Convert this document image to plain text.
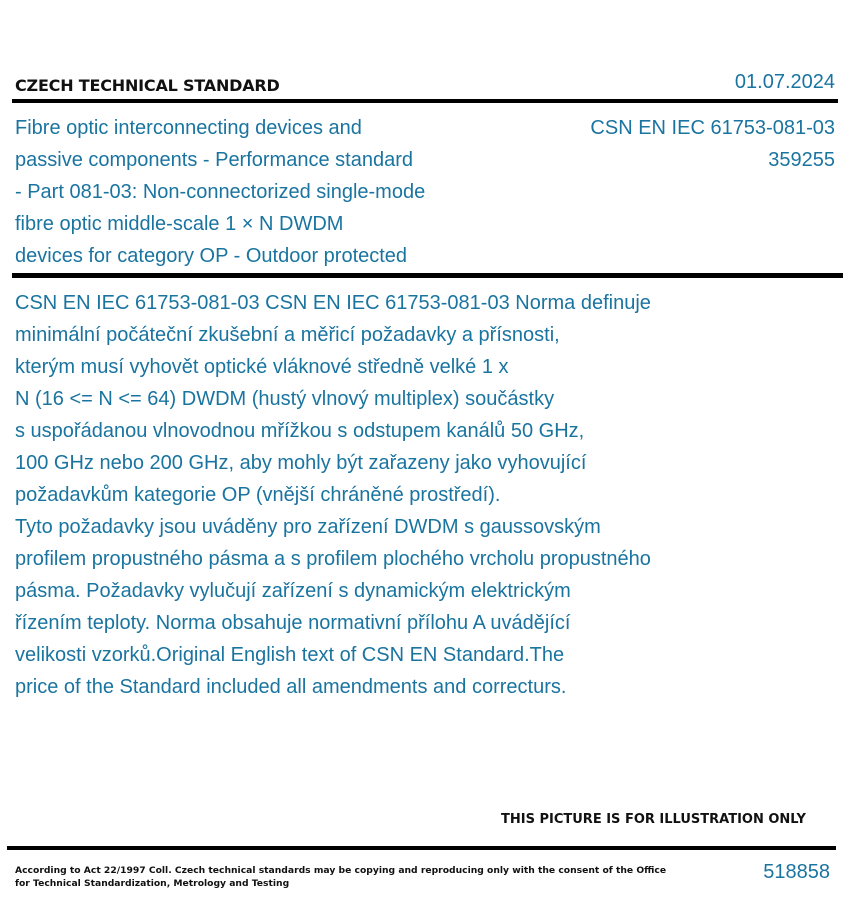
CZECH TECHNICAL STANDARD	01.07.2024
Fibre optic interconnecting devices and
passive components - Performance standard
- Part 081-03: Non-connectorized single-mode
fibre optic middle-scale 1 × N DWDM
devices for category OP - Outdoor protected
CSN EN IEC 61753-081-03
359255
CSN EN IEC 61753-081-03 CSN EN IEC 61753-081-03 Norma definuje
minimální počáteční zkušební a měřicí požadavky a přísnosti,
kterým musí vyhovět optické vláknové středně velké 1 x
N (16 <= N <= 64) DWDM (hustý vlnový multiplex) součástky
s uspořádanou vlnovodnou mřížkou s odstupem kanálů 50 GHz,
100 GHz nebo 200 GHz, aby mohly být zařazeny jako vyhovující
požadavkům kategorie OP (vnější chráněné prostředí).
Tyto požadavky jsou uváděny pro zařízení DWDM s gaussovským
profilem propustného pásma a s profilem plochého vrcholu propustného
pásma. Požadavky vylučují zařízení s dynamickým elektrickým
řízením teploty. Norma obsahuje normativní přílohu A uvádějící
velikosti vzorků.Original English text of CSN EN Standard.The
price of the Standard included all amendments and correcturs.
THIS PICTURE IS FOR ILLUSTRATION ONLY
According to Act 22/1997 Coll. Czech technical standards may be copying and reproducing only with the consent of the Office
for Technical Standardization, Metrology and Testing
518858
